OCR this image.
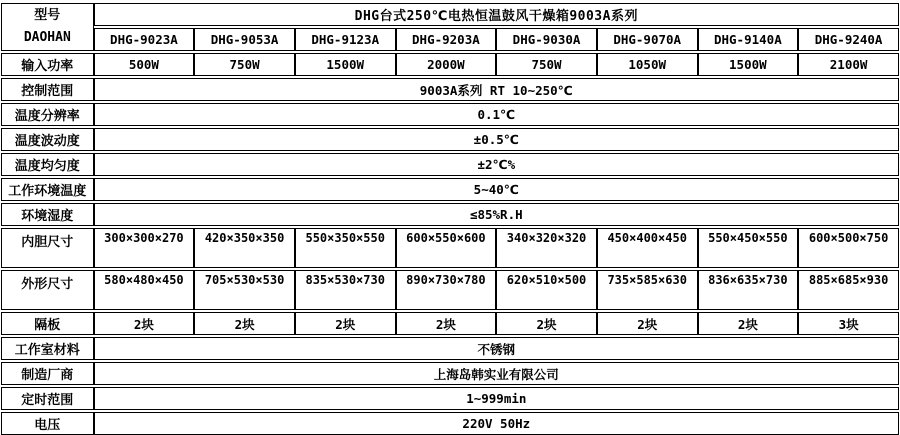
型号
DAOHAN	DHG台式250℃电热恒温鼓风干燥箱9003A系列							
	DHG-9023A	DHG-9053A	DHG-9123A	DHG-9203A	DHG-9030A	DHG-9070A	DHG-9140A	DHG-9240A
输入功率	500W	750W	1500W	2000W	750W	1050W	1500W	2100W
控制范围	9003A系列 RT 10~250℃							
温度分辨率	0.1℃							
温度波动度	±0.5℃							
温度均匀度	±2℃%							
工作环境温度	5~40℃							
环境湿度	≤85%R.H							
内胆尺寸	300×300×270	420×350×350	550×350×550	600×550×600	340×320×320	450×400×450	550×450×550	600×500×750
外形尺寸	580×480×450	705×530×530	835×530×730	890×730×780	620×510×500	735×585×630	836×635×730	885×685×930
隔板	2块	2块	2块	2块	2块	2块	2块	3块
工作室材料	不锈钢							
制造厂商	上海岛韩实业有限公司							
定时范围	1~999min							
电压	220V 50Hz							
